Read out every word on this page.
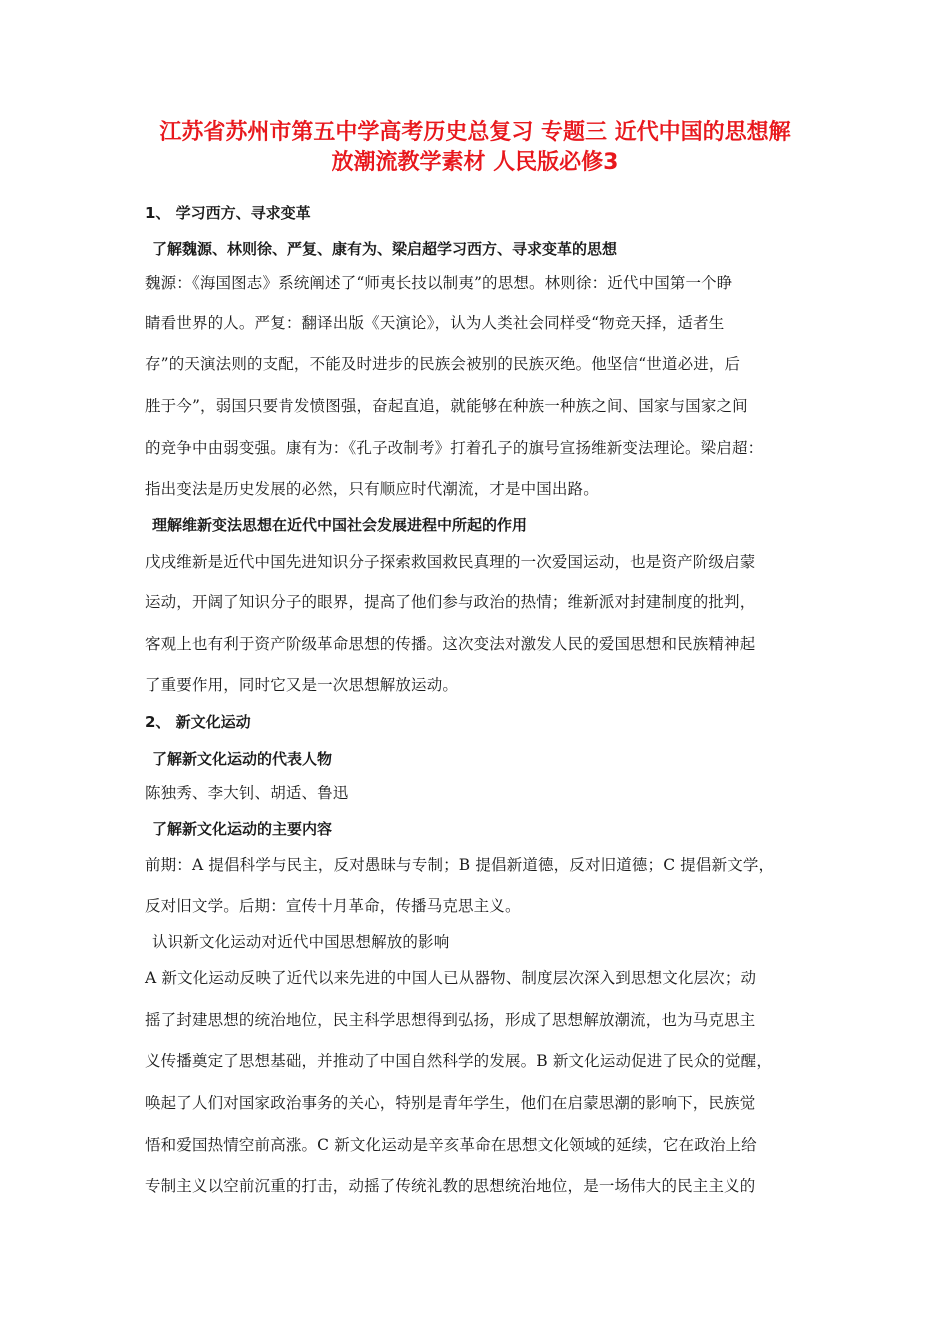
江苏省苏州市第五中学高考历史总复习 专题三 近代中国的思想解
放潮流教学素材 人民版必修3
1、 学习西方、寻求变革
了解魏源、林则徐、严复、康有为、梁启超学习西方、寻求变革的思想
魏源：《海国图志》系统阐述了“师夷长技以制夷”的思想。林则徐：近代中国第一个睁
睛看世界的人。严复：翻译出版《天演论》，认为人类社会同样受“物竞天择，适者生
存”的天演法则的支配，不能及时进步的民族会被别的民族灭绝。他坚信“世道必进，后
胜于今”，弱国只要肯发愤图强，奋起直追，就能够在种族一种族之间、国家与国家之间
的竞争中由弱变强。康有为：《孔子改制考》打着孔子的旗号宣扬维新变法理论。梁启超：
指出变法是历史发展的必然，只有顺应时代潮流，才是中国出路。
理解维新变法思想在近代中国社会发展进程中所起的作用
戊戌维新是近代中国先进知识分子探索救国救民真理的一次爱国运动，也是资产阶级启蒙
运动，开阔了知识分子的眼界，提高了他们参与政治的热情；维新派对封建制度的批判，
客观上也有利于资产阶级革命思想的传播。这次变法对激发人民的爱国思想和民族精神起
了重要作用，同时它又是一次思想解放运动。
2、 新文化运动
了解新文化运动的代表人物
陈独秀、李大钊、胡适、鲁迅
了解新文化运动的主要内容
前期：A 提倡科学与民主，反对愚昧与专制；B 提倡新道德，反对旧道德；C 提倡新文学，
反对旧文学。后期：宣传十月革命，传播马克思主义。
认识新文化运动对近代中国思想解放的影响
A 新文化运动反映了近代以来先进的中国人已从器物、制度层次深入到思想文化层次；动
摇了封建思想的统治地位，民主科学思想得到弘扬，形成了思想解放潮流，也为马克思主
义传播奠定了思想基础，并推动了中国自然科学的发展。B 新文化运动促进了民众的觉醒，
唤起了人们对国家政治事务的关心，特别是青年学生，他们在启蒙思潮的影响下，民族觉
悟和爱国热情空前高涨。C 新文化运动是辛亥革命在思想文化领域的延续，它在政治上给
专制主义以空前沉重的打击，动摇了传统礼教的思想统治地位，是一场伟大的民主主义的
